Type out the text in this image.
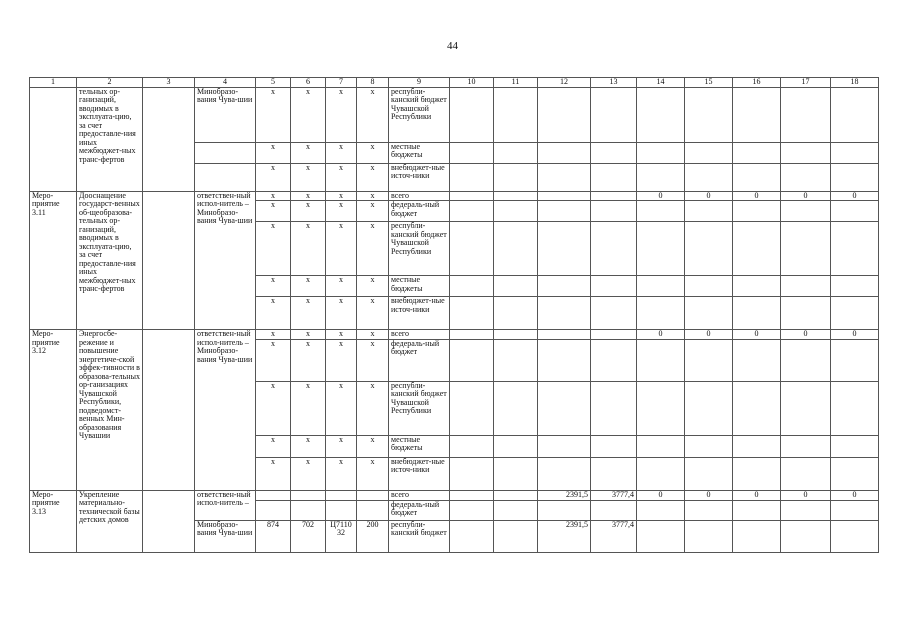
44
1	2	3	4	5	6	7	8	9	10	11	12	13	14	15	16	17	18
	тельных ор-ганизаций, вводимых в эксплуата-цию, за счет предоставле-ния иных межбюджет-ных транс-фертов		Минобразо-вания Чува-шии	х	х	х	х	республи-канский бюджет Чувашской Республики									
				х	х	х	х	местные бюджеты									
				х	х	х	х	внебюджет-ные источ-ники									
Меро-приятие 3.11	Дооснащение государст-венных об-щеобразова-тельных ор-ганизаций, вводимых в эксплуата-цию, за счет предоставле-ния иных межбюджет-ных транс-фертов		ответствен-ный испол-нитель – Минобразо-вания Чува-шии	х	х	х	х	всего					0	0	0	0	0
				х	х	х	х	федераль-ный бюджет									
				х	х	х	х	республи-канский бюджет Чувашской Республики									
				х	х	х	х	местные бюджеты									
				х	х	х	х	внебюджет-ные источ-ники									
Меро-приятие 3.12	Энергосбе-режение и повышение энергетиче-ской эффек-тивности в образова-тельных ор-ганизациях Чувашской Республики, подведомст-венных Мин-образования Чувашии		ответствен-ный испол-нитель – Минобразо-вания Чува-шии	х	х	х	х	всего					0	0	0	0	0
				х	х	х	х	федераль-ный бюджет									
				х	х	х	х	республи-канский бюджет Чувашской Республики									
				х	х	х	х	местные бюджеты									
				х	х	х	х	внебюджет-ные источ-ники									
Меро-приятие 3.13	Укрепление материально-технической базы детских домов		ответствен-ный испол-нитель –					всего			2391,5	3777,4	0	0	0	0	0
								федераль-ный бюджет									
			Минобразо-вания Чува-шии	874	702	Ц7110 32	200	республи-канский бюджет			2391,5	3777,4					
